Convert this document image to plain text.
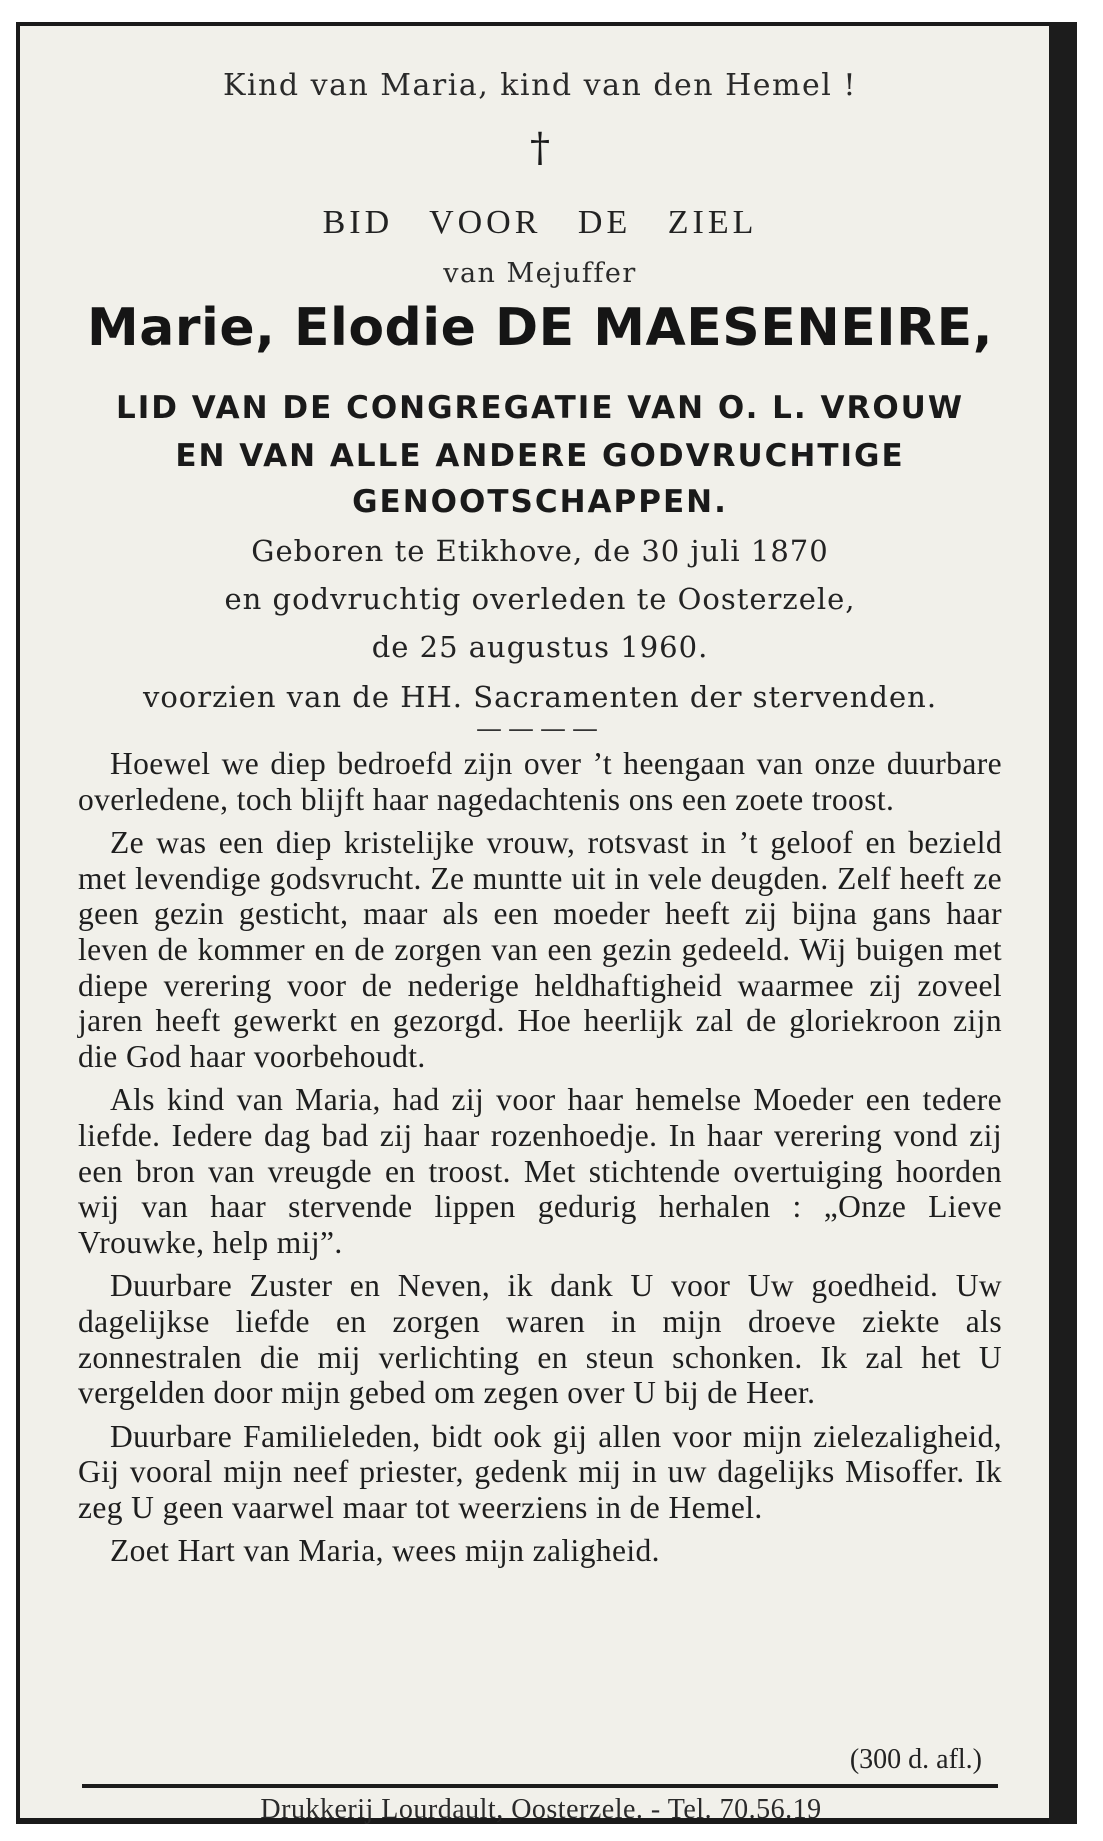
Kind van Maria, kind van den Hemel !
†
BID VOOR DE ZIEL
van Mejuffer
Marie, Elodie DE MAESENEIRE,
LID VAN DE CONGREGATIE VAN O. L. VROUW
EN VAN ALLE ANDERE GODVRUCHTIGE
GENOOTSCHAPPEN.
Geboren te Etikhove, de 30 juli 1870
en godvruchtig overleden te Oosterzele,
de 25 augustus 1960.
voorzien van de HH. Sacramenten der stervenden.
————

Hoewel we diep bedroefd zijn over ’t heengaan van onze duurbare overledene, toch blijft haar nagedachtenis ons een zoete troost.

Ze was een diep kristelijke vrouw, rotsvast in ’t geloof en bezield met levendige godsvrucht. Ze muntte uit in vele deugden. Zelf heeft ze geen gezin gesticht, maar als een moeder heeft zij bijna gans haar leven de kommer en de zorgen van een gezin gedeeld. Wij buigen met diepe verering voor de nederige heldhaftigheid waarmee zij zoveel jaren heeft gewerkt en gezorgd. Hoe heerlijk zal de gloriekroon zijn die God haar voorbehoudt.

Als kind van Maria, had zij voor haar hemelse Moeder een tedere liefde. Iedere dag bad zij haar rozenhoedje. In haar verering vond zij een bron van vreugde en troost. Met stichtende overtuiging hoorden wij van haar stervende lippen gedurig herhalen : „Onze Lieve Vrouwke, help mij”.

Duurbare Zuster en Neven, ik dank U voor Uw goedheid. Uw dagelijkse liefde en zorgen waren in mijn droeve ziekte als zonnestralen die mij verlichting en steun schonken. Ik zal het U vergelden door mijn gebed om zegen over U bij de Heer.

Duurbare Familieleden, bidt ook gij allen voor mijn zielezaligheid, Gij vooral mijn neef priester, gedenk mij in uw dagelijks Misoffer. Ik zeg U geen vaarwel maar tot weerziens in de Hemel.

Zoet Hart van Maria, wees mijn zaligheid.

(300 d. afl.)
Drukkerij Lourdault, Oosterzele. - Tel. 70.56.19
